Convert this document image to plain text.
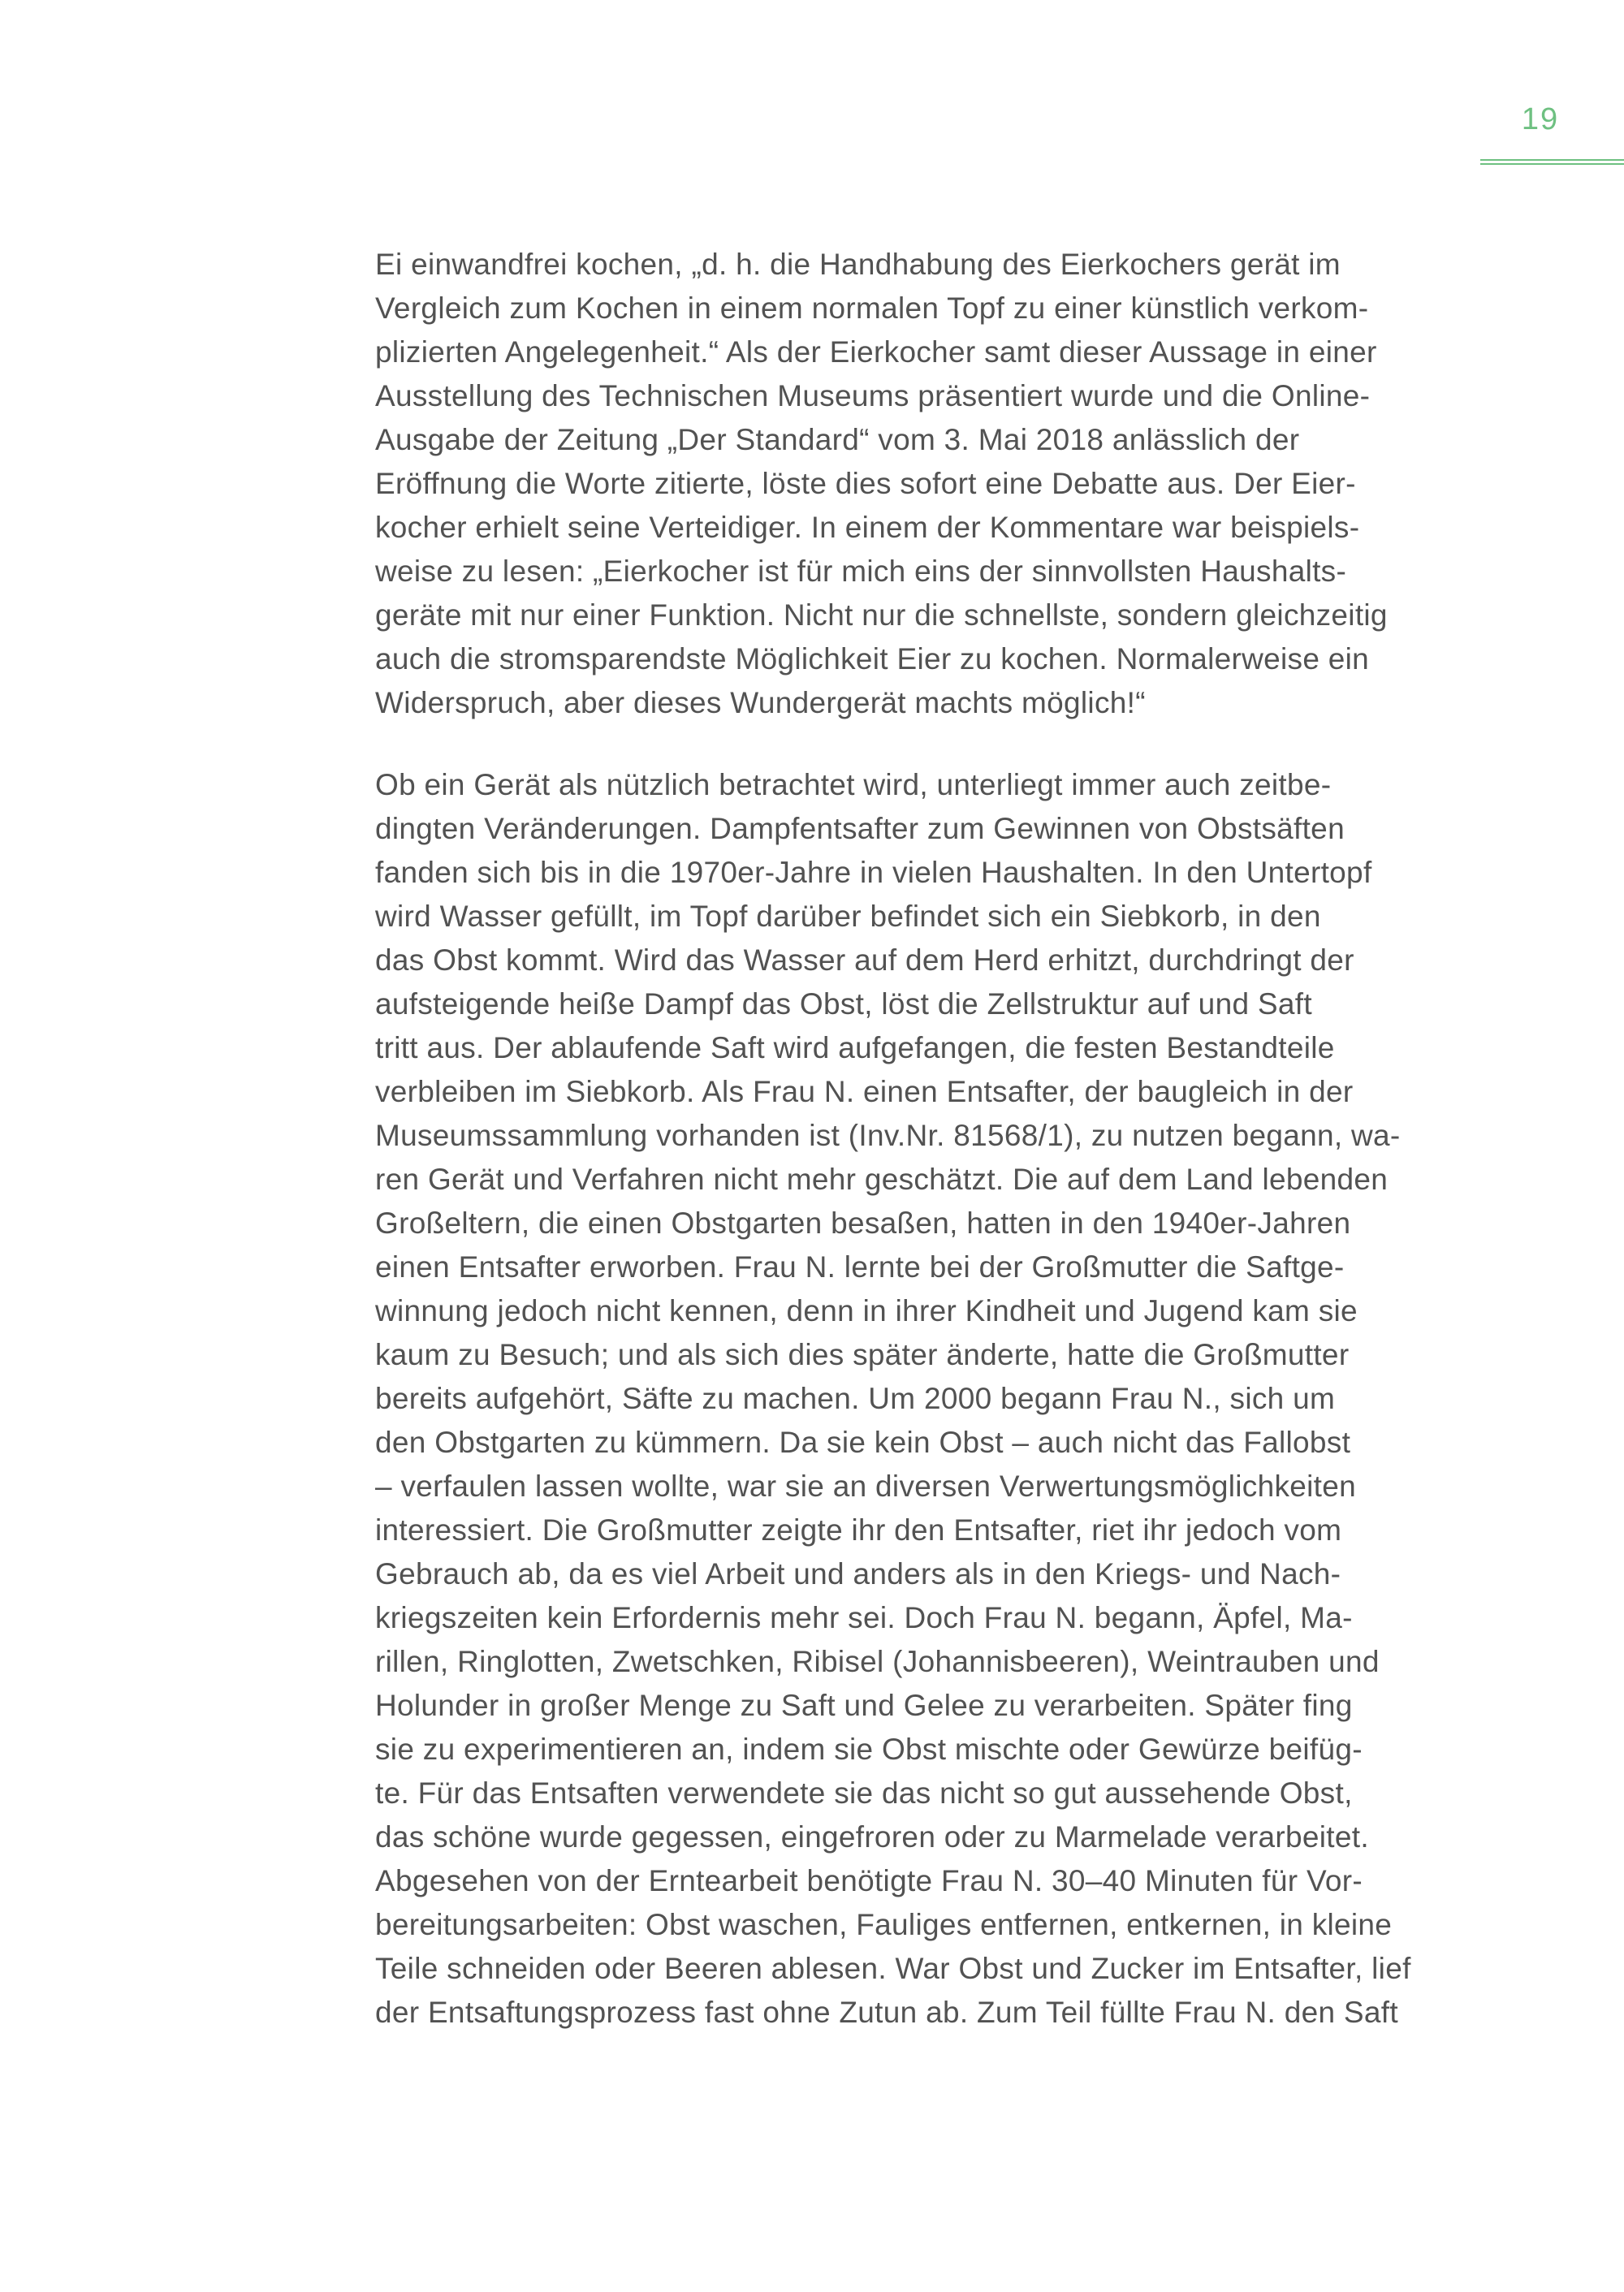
19
Ei einwandfrei kochen, „d. h. die Handhabung des Eierkochers gerät im
Vergleich zum Kochen in einem normalen Topf zu einer künstlich verkom-
plizierten Angelegenheit.“ Als der Eierkocher samt dieser Aussage in einer
Ausstellung des Technischen Museums präsentiert wurde und die Online-
Ausgabe der Zeitung „Der Standard“ vom 3. Mai 2018 anlässlich der
Eröffnung die Worte zitierte, löste dies sofort eine Debatte aus. Der Eier-
kocher erhielt seine Verteidiger. In einem der Kommentare war beispiels-
weise zu lesen: „Eierkocher ist für mich eins der sinnvollsten Haushalts-
geräte mit nur einer Funktion. Nicht nur die schnellste, sondern gleichzeitig
auch die stromsparendste Möglichkeit Eier zu kochen. Normalerweise ein
Widerspruch, aber dieses Wundergerät machts möglich!“
Ob ein Gerät als nützlich betrachtet wird, unterliegt immer auch zeitbe-
dingten Veränderungen. Dampfentsafter zum Gewinnen von Obstsäften
fanden sich bis in die 1970er-Jahre in vielen Haushalten. In den Untertopf
wird Wasser gefüllt, im Topf darüber befindet sich ein Siebkorb, in den
das Obst kommt. Wird das Wasser auf dem Herd erhitzt, durchdringt der
aufsteigende heiße Dampf das Obst, löst die Zellstruktur auf und Saft
tritt aus. Der ablaufende Saft wird aufgefangen, die festen Bestandteile
verbleiben im Siebkorb. Als Frau N. einen Entsafter, der baugleich in der
Museumssammlung vorhanden ist (Inv.Nr. 81568/1), zu nutzen begann, wa-
ren Gerät und Verfahren nicht mehr geschätzt. Die auf dem Land lebenden
Großeltern, die einen Obstgarten besaßen, hatten in den 1940er-Jahren
einen Entsafter erworben. Frau N. lernte bei der Großmutter die Saftge-
winnung jedoch nicht kennen, denn in ihrer Kindheit und Jugend kam sie
kaum zu Besuch; und als sich dies später änderte, hatte die Großmutter
bereits aufgehört, Säfte zu machen. Um 2000 begann Frau N., sich um
den Obstgarten zu kümmern. Da sie kein Obst – auch nicht das Fallobst
– verfaulen lassen wollte, war sie an diversen Verwertungsmöglichkeiten
interessiert. Die Großmutter zeigte ihr den Entsafter, riet ihr jedoch vom
Gebrauch ab, da es viel Arbeit und anders als in den Kriegs- und Nach-
kriegszeiten kein Erfordernis mehr sei. Doch Frau N. begann, Äpfel, Ma-
rillen, Ringlotten, Zwetschken, Ribisel (Johannisbeeren), Weintrauben und
Holunder in großer Menge zu Saft und Gelee zu verarbeiten. Später fing
sie zu experimentieren an, indem sie Obst mischte oder Gewürze beifüg-
te. Für das Entsaften verwendete sie das nicht so gut aussehende Obst,
das schöne wurde gegessen, eingefroren oder zu Marmelade verarbeitet.
Abgesehen von der Erntearbeit benötigte Frau N. 30–40 Minuten für Vor-
bereitungsarbeiten: Obst waschen, Fauliges entfernen, entkernen, in kleine
Teile schneiden oder Beeren ablesen. War Obst und Zucker im Entsafter, lief
der Entsaftungsprozess fast ohne Zutun ab. Zum Teil füllte Frau N. den Saft
